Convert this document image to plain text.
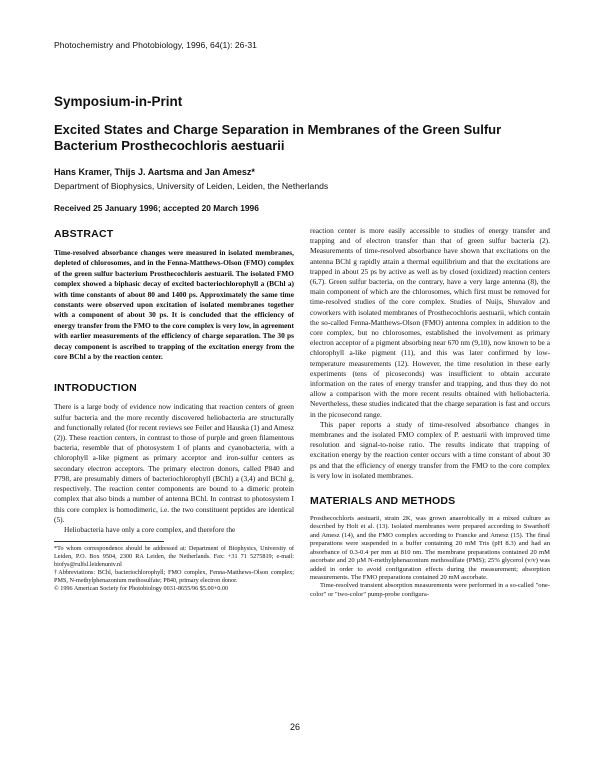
Photochemistry and Photobiology, 1996, 64(1): 26-31
Symposium-in-Print
Excited States and Charge Separation in Membranes of the Green Sulfur Bacterium Prosthecochloris aestuarii
Hans Kramer, Thijs J. Aartsma and Jan Amesz*
Department of Biophysics, University of Leiden, Leiden, the Netherlands
Received 25 January 1996; accepted 20 March 1996
ABSTRACT

Time-resolved absorbance changes were measured in isolated membranes, depleted of chlorosomes, and in the Fenna-Matthews-Olson (FMO) complex of the green sulfur bacterium Prosthecochloris aestuarii. The isolated FMO complex showed a biphasic decay of excited bacteriochlorophyll a (BChl a) with time constants of about 80 and 1400 ps. Approximately the same time constants were observed upon excitation of isolated membranes together with a component of about 30 ps. It is concluded that the efficiency of energy transfer from the FMO to the core complex is very low, in agreement with earlier measurements of the efficiency of charge separation. The 30 ps decay component is ascribed to trapping of the excitation energy from the core BChl a by the reaction center.

INTRODUCTION

There is a large body of evidence now indicating that reaction centers of green sulfur bacteria and the more recently discovered heliobacteria are structurally and functionally related (for recent reviews see Feiler and Hauska (1) and Amesz (2)). These reaction centers, in contrast to those of purple and green filamentous bacteria, resemble that of photosystem I of plants and cyanobacteria, with a chlorophyll a-like pigment as primary acceptor and iron-sulfur centers as secondary electron acceptors. The primary electron donors, called P840 and P798, are presumably dimers of bacteriochlorophyll (BChl) a (3,4) and BChl g, respectively. The reaction center components are bound to a dimeric protein complex that also binds a number of antenna BChl. In contrast to photosystem I this core complex is homodimeric, i.e. the two constituent peptides are identical (5).

Heliobacteria have only a core complex, and therefore the

*To whom correspondence should be addressed at: Department of Biophysics, University of Leiden, P.O. Box 9504, 2300 RA Leiden, the Netherlands. Fax: +31 71 5275819; e-mail: biofys@rulfsl.leidenuniv.nl

†Abbreviations: BChl, bacteriochlorophyll; FMO complex, Fenna-Matthews-Olson complex; PMS, N-methylphenazonium methosulfate; P840, primary electron donor.

© 1996 American Society for Photobiology 0031-8655/96 $5.00+0.00

reaction center is more easily accessible to studies of energy transfer and trapping and of electron transfer than that of green sulfur bacteria (2). Measurements of time-resolved absorbance have shown that excitations on the antenna BChl g rapidly attain a thermal equilibrium and that the excitations are trapped in about 25 ps by active as well as by closed (oxidized) reaction centers (6,7). Green sulfur bacteria, on the contrary, have a very large antenna (8), the main component of which are the chlorosomes, which first must be removed for time-resolved studies of the core complex. Studies of Nuijs, Shuvalov and coworkers with isolated membranes of Prosthecochloris aestuarii, which contain the so-called Fenna-Matthews-Olson (FMO) antenna complex in addition to the core complex, but no chlorosomes, established the involvement as primary electron acceptor of a pigment absorbing near 670 nm (9,10), now known to be a chlorophyll a-like pigment (11), and this was later confirmed by low-temperature measurements (12). However, the time resolution in these early experiments (tens of picoseconds) was insufficient to obtain accurate information on the rates of energy transfer and trapping, and thus they do not allow a comparison with the more recent results obtained with heliobacteria. Nevertheless, these studies indicated that the charge separation is fast and occurs in the picosecond range.

This paper reports a study of time-resolved absorbance changes in membranes and the isolated FMO complex of P. aestuarii with improved time resolution and signal-to-noise ratio. The results indicate that trapping of excitation energy by the reaction center occurs with a time constant of about 30 ps and that the efficiency of energy transfer from the FMO to the core complex is very low in isolated membranes.

MATERIALS AND METHODS

Prosthecochloris aestuarii, strain 2K, was grown anaerobically in a mixed culture as described by Holt et al. (13). Isolated membranes were prepared according to Swarthoff and Amesz (14), and the FMO complex according to Francke and Amesz (15). The final preparations were suspended in a buffer containing 20 mM Tris (pH 8.3) and had an absorbance of 0.3-0.4 per mm at 810 nm. The membrane preparations contained 20 mM ascorbate and 20 µM N-methylphenazonium methosulfate (PMS); 25% glycerol (v/v) was added in order to avoid configuration effects during the measurement; absorption measurements. The FMO preparations contained 20 mM ascorbate.

Time-resolved transient absorption measurements were performed in a so-called "one-color" or "two-color" pump-probe configura-

26
